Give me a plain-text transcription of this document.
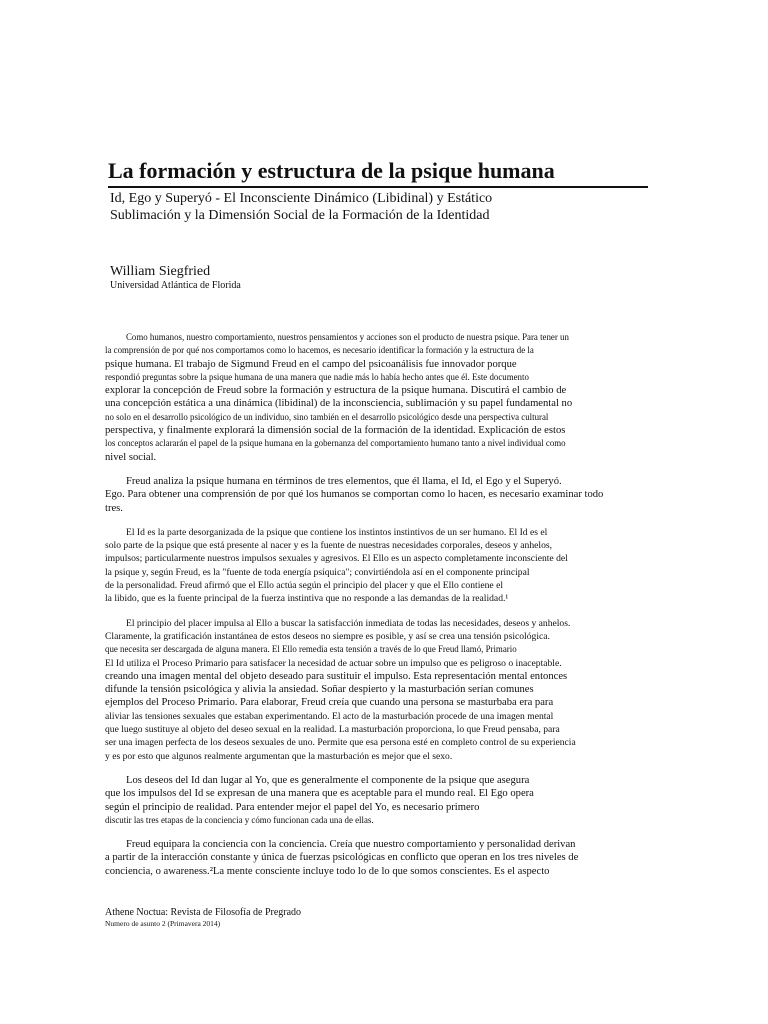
La formación y estructura de la psique humana
Id, Ego y Superyó - El Inconsciente Dinámico (Libidinal) y Estático
Sublimación y la Dimensión Social de la Formación de la Identidad
William Siegfried
Universidad Atlántica de Florida
Como humanos, nuestro comportamiento, nuestros pensamientos y acciones son el producto de nuestra psique. Para tener un
la comprensión de por qué nos comportamos como lo hacemos, es necesario identificar la formación y la estructura de la
psique humana. El trabajo de Sigmund Freud en el campo del psicoanálisis fue innovador porque
respondió preguntas sobre la psique humana de una manera que nadie más lo había hecho antes que él. Este documento
explorar la concepción de Freud sobre la formación y estructura de la psique humana. Discutirá el cambio de
una concepción estática a una dinámica (libidinal) de la inconsciencia, sublimación y su papel fundamental no
no solo en el desarrollo psicológico de un individuo, sino también en el desarrollo psicológico desde una perspectiva cultural
perspectiva, y finalmente explorará la dimensión social de la formación de la identidad. Explicación de estos
los conceptos aclararán el papel de la psique humana en la gobernanza del comportamiento humano tanto a nivel individual como
nivel social.
Freud analiza la psique humana en términos de tres elementos, que él llama, el Id, el Ego y el Superyó.
Ego. Para obtener una comprensión de por qué los humanos se comportan como lo hacen, es necesario examinar todo
tres.
El Id es la parte desorganizada de la psique que contiene los instintos instintivos de un ser humano. El Id es el
solo parte de la psique que está presente al nacer y es la fuente de nuestras necesidades corporales, deseos y anhelos,
impulsos; particularmente nuestros impulsos sexuales y agresivos. El Ello es un aspecto completamente inconsciente del
la psique y, según Freud, es la "fuente de toda energía psíquica"; convirtiéndola así en el componente principal
de la personalidad. Freud afirmó que el Ello actúa según el principio del placer y que el Ello contiene el
la libido, que es la fuente principal de la fuerza instintiva que no responde a las demandas de la realidad.¹
El principio del placer impulsa al Ello a buscar la satisfacción inmediata de todas las necesidades, deseos y anhelos.
Claramente, la gratificación instantánea de estos deseos no siempre es posible, y así se crea una tensión psicológica.
que necesita ser descargada de alguna manera. El Ello remedia esta tensión a través de lo que Freud llamó, Primario
El Id utiliza el Proceso Primario para satisfacer la necesidad de actuar sobre un impulso que es peligroso o inaceptable.
creando una imagen mental del objeto deseado para sustituir el impulso. Esta representación mental entonces
difunde la tensión psicológica y alivia la ansiedad. Soñar despierto y la masturbación serían comunes
ejemplos del Proceso Primario. Para elaborar, Freud creía que cuando una persona se masturbaba era para
aliviar las tensiones sexuales que estaban experimentando. El acto de la masturbación procede de una imagen mental
que luego sustituye al objeto del deseo sexual en la realidad. La masturbación proporciona, lo que Freud pensaba, para
ser una imagen perfecta de los deseos sexuales de uno. Permite que esa persona esté en completo control de su experiencia
y es por esto que algunos realmente argumentan que la masturbación es mejor que el sexo.
Los deseos del Id dan lugar al Yo, que es generalmente el componente de la psique que asegura
que los impulsos del Id se expresan de una manera que es aceptable para el mundo real. El Ego opera
según el principio de realidad. Para entender mejor el papel del Yo, es necesario primero
discutir las tres etapas de la conciencia y cómo funcionan cada una de ellas.
Freud equipara la conciencia con la conciencia. Creía que nuestro comportamiento y personalidad derivan
a partir de la interacción constante y única de fuerzas psicológicas en conflicto que operan en los tres niveles de
conciencia, o awareness.²La mente consciente incluye todo lo de lo que somos conscientes. Es el aspecto
Athene Noctua: Revista de Filosofía de Pregrado
Numero de asunto 2 (Primavera 2014)
